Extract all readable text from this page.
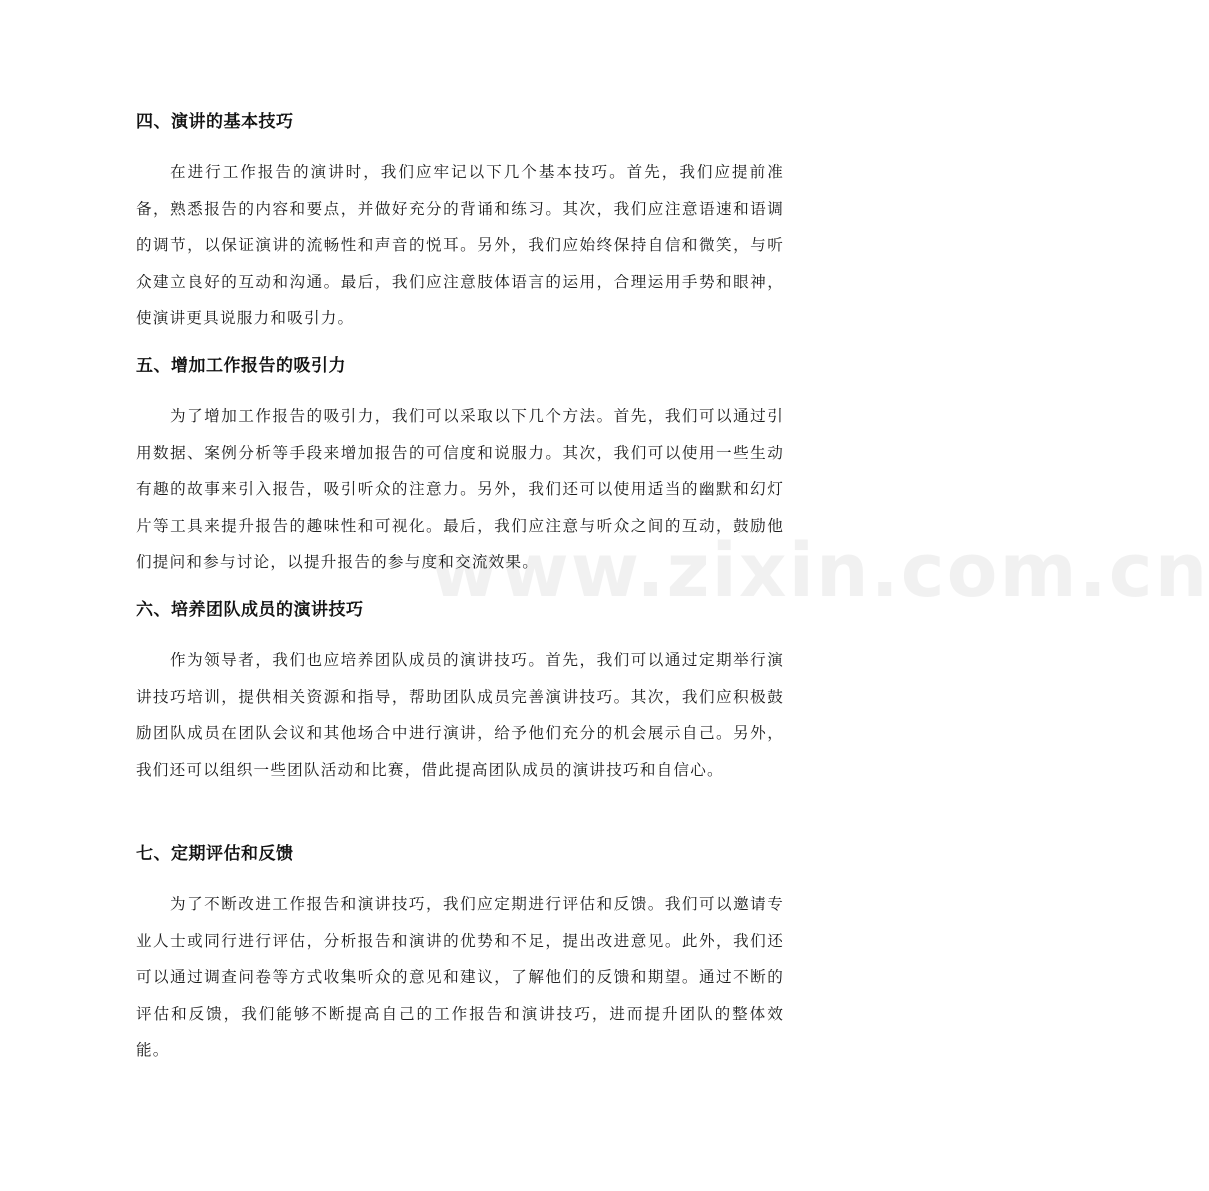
四、演讲的基本技巧

在进行工作报告的演讲时，我们应牢记以下几个基本技巧。首先，我们应提前准备，熟悉报告的内容和要点，并做好充分的背诵和练习。其次，我们应注意语速和语调的调节，以保证演讲的流畅性和声音的悦耳。另外，我们应始终保持自信和微笑，与听众建立良好的互动和沟通。最后，我们应注意肢体语言的运用，合理运用手势和眼神，使演讲更具说服力和吸引力。

五、增加工作报告的吸引力

为了增加工作报告的吸引力，我们可以采取以下几个方法。首先，我们可以通过引用数据、案例分析等手段来增加报告的可信度和说服力。其次，我们可以使用一些生动有趣的故事来引入报告，吸引听众的注意力。另外，我们还可以使用适当的幽默和幻灯片等工具来提升报告的趣味性和可视化。最后，我们应注意与听众之间的互动，鼓励他们提问和参与讨论，以提升报告的参与度和交流效果。

六、培养团队成员的演讲技巧

作为领导者，我们也应培养团队成员的演讲技巧。首先，我们可以通过定期举行演讲技巧培训，提供相关资源和指导，帮助团队成员完善演讲技巧。其次，我们应积极鼓励团队成员在团队会议和其他场合中进行演讲，给予他们充分的机会展示自己。另外，我们还可以组织一些团队活动和比赛，借此提高团队成员的演讲技巧和自信心。

七、定期评估和反馈

为了不断改进工作报告和演讲技巧，我们应定期进行评估和反馈。我们可以邀请专业人士或同行进行评估，分析报告和演讲的优势和不足，提出改进意见。此外，我们还可以通过调查问卷等方式收集听众的意见和建议，了解他们的反馈和期望。通过不断的评估和反馈，我们能够不断提高自己的工作报告和演讲技巧，进而提升团队的整体效能。

www.zixin.com.cn
